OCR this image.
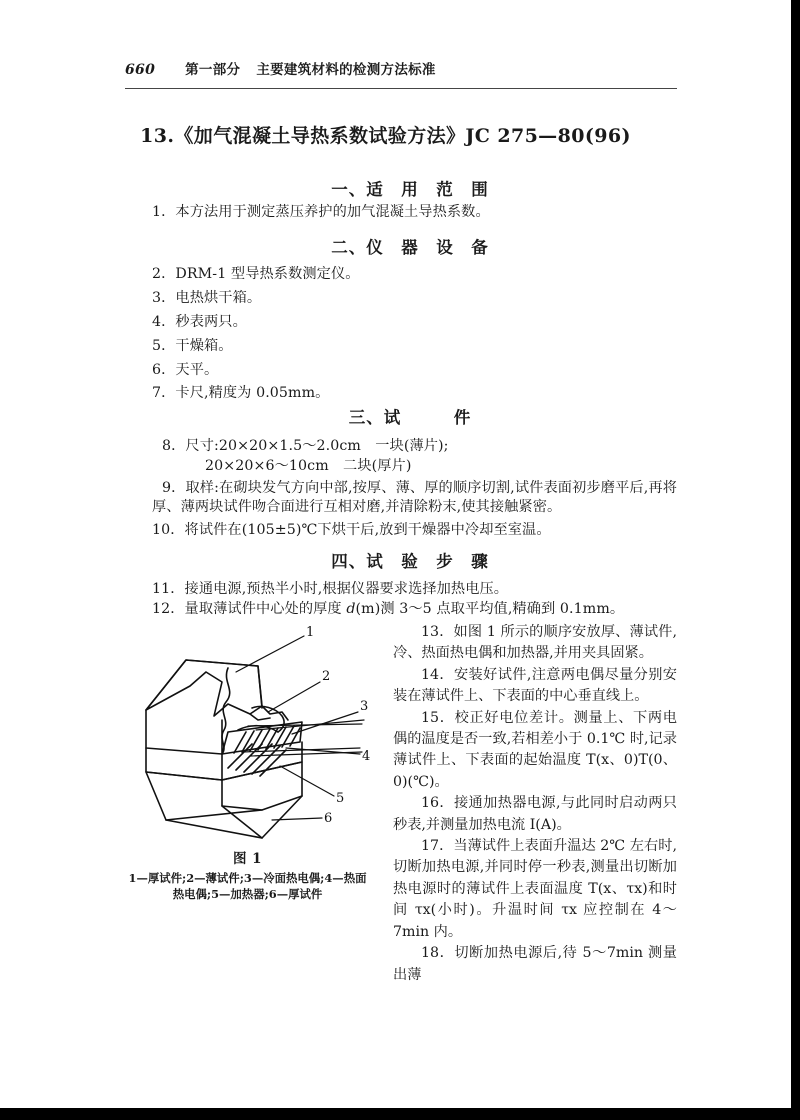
660 第一部分 主要建筑材料的检测方法标准
13.《加气混凝土导热系数试验方法》JC 275—80(96)
一、适　用　范　围
1．本方法用于测定蒸压养护的加气混凝土导热系数。
二、仪　器　设　备
2．DRM-1 型导热系数测定仪。
3．电热烘干箱。
4．秒表两只。
5．干燥箱。
6．天平。
7．卡尺,精度为 0.05mm。
三、试　　　件
8．尺寸:20×20×1.5～2.0cm　一块(薄片);
20×20×6～10cm　二块(厚片)
9．取样:在砌块发气方向中部,按厚、薄、厚的顺序切割,试件表面初步磨平后,再将厚、薄两块试件吻合面进行互相对磨,并清除粉末,使其接触紧密。
10．将试件在(105±5)℃下烘干后,放到干燥器中冷却至室温。
四、试　验　步　骤
11．接通电源,预热半小时,根据仪器要求选择加热电压。
12．量取薄试件中心处的厚度 d(m)测 3～5 点取平均值,精确到 0.1mm。

13．如图 1 所示的顺序安放厚、薄试件,冷、热面热电偶和加热器,并用夹具固紧。

14．安装好试件,注意两电偶尽量分别安装在薄试件上、下表面的中心垂直线上。

15．校正好电位差计。测量上、下两电偶的温度是否一致,若相差小于 0.1℃ 时,记录薄试件上、下表面的起始温度 T(x、0)T(0、0)(℃)。

16．接通加热器电源,与此同时启动两只秒表,并测量加热电流 I(A)。

17．当薄试件上表面升温达 2℃ 左右时,切断加热电源,并同时停一秒表,测量出切断加热电源时的薄试件上表面温度 T(x、τx)和时间 τx(小时)。升温时间 τx 应控制在 4～7min 内。

18．切断加热电源后,待 5～7min 测量出薄

1
2
3
4
5
6
图 1
1—厚试件;2—薄试件;3—冷面热电偶;4—热面热电偶;5—加热器;6—厚试件
